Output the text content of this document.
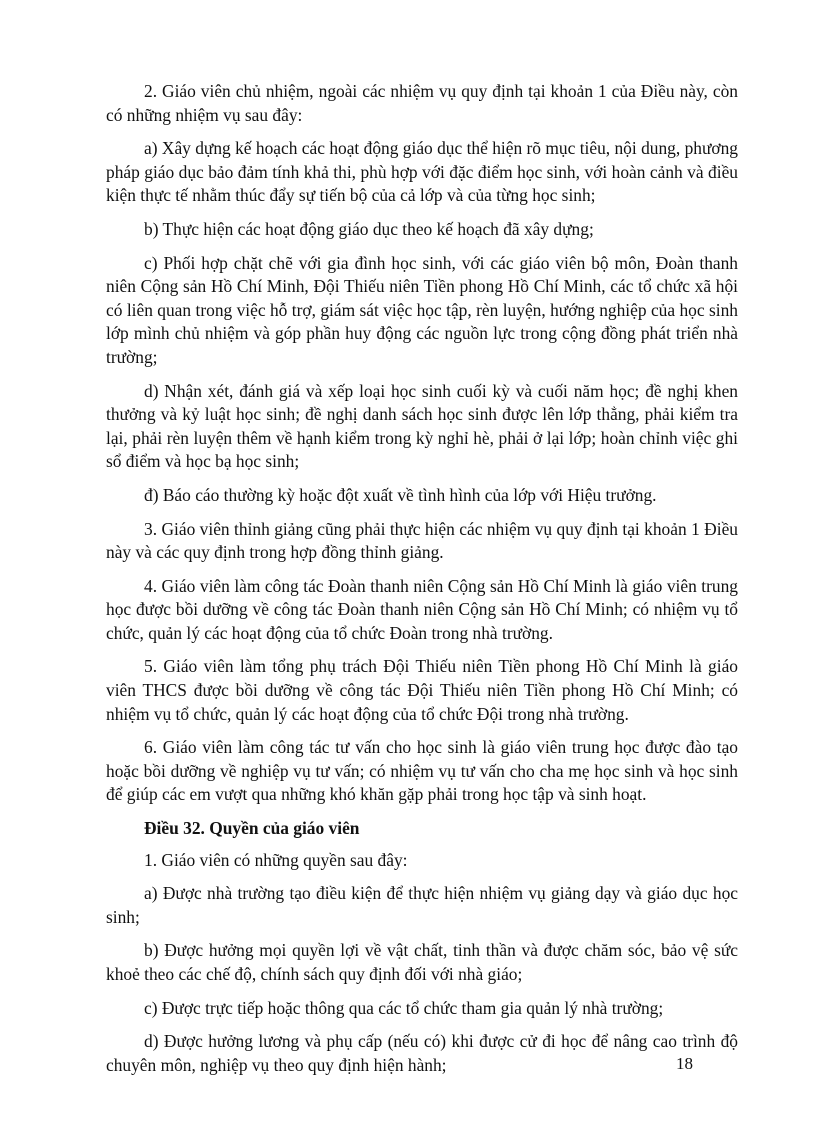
2. Giáo viên chủ nhiệm, ngoài các nhiệm vụ quy định tại khoản 1 của Điều này, còn có những nhiệm vụ sau đây:

a) Xây dựng kế hoạch các hoạt động giáo dục thể hiện rõ mục tiêu, nội dung, phương pháp giáo dục bảo đảm tính khả thi, phù hợp với đặc điểm học sinh, với hoàn cảnh và điều kiện thực tế nhằm thúc đẩy sự tiến bộ của cả lớp và của từng học sinh;

b) Thực hiện các hoạt động giáo dục theo kế hoạch đã xây dựng;

c) Phối hợp chặt chẽ với gia đình học sinh, với các giáo viên bộ môn, Đoàn thanh niên Cộng sản Hồ Chí Minh, Đội Thiếu niên Tiền phong Hồ Chí Minh, các tổ chức xã hội có liên quan trong việc hỗ trợ, giám sát việc học tập, rèn luyện, hướng nghiệp của học sinh lớp mình chủ nhiệm và góp phần huy động các nguồn lực trong cộng đồng phát triển nhà trường;

d) Nhận xét, đánh giá và xếp loại học sinh cuối kỳ và cuối năm học; đề nghị khen thưởng và kỷ luật học sinh; đề nghị danh sách học sinh được lên lớp thẳng, phải kiểm tra lại, phải rèn luyện thêm về hạnh kiểm trong kỳ nghỉ hè, phải ở lại lớp; hoàn chỉnh việc ghi sổ điểm và học bạ học sinh;

đ) Báo cáo thường kỳ hoặc đột xuất về tình hình của lớp với Hiệu trưởng.

3. Giáo viên thỉnh giảng cũng phải thực hiện các nhiệm vụ quy định tại khoản 1 Điều này và các quy định trong hợp đồng thỉnh giảng.

4. Giáo viên làm công tác Đoàn thanh niên Cộng sản Hồ Chí Minh là giáo viên trung học được bồi dưỡng về công tác Đoàn thanh niên Cộng sản Hồ Chí Minh; có nhiệm vụ tổ chức, quản lý các hoạt động của tổ chức Đoàn trong nhà trường.

5. Giáo viên làm tổng phụ trách Đội Thiếu niên Tiền phong Hồ Chí Minh là giáo viên THCS được bồi dưỡng về công tác Đội Thiếu niên Tiền phong Hồ Chí Minh; có nhiệm vụ tổ chức, quản lý các hoạt động của tổ chức Đội trong nhà trường.

6. Giáo viên làm công tác tư vấn cho học sinh là giáo viên trung học được đào tạo hoặc bồi dưỡng về nghiệp vụ tư vấn; có nhiệm vụ tư vấn cho cha mẹ học sinh và học sinh để giúp các em vượt qua những khó khăn gặp phải trong học tập và sinh hoạt.

Điều 32. Quyền của giáo viên

1. Giáo viên có những quyền sau đây:

a) Được nhà trường tạo điều kiện để thực hiện nhiệm vụ giảng dạy và giáo dục học sinh;

b) Được hưởng mọi quyền lợi về vật chất, tinh thần và được chăm sóc, bảo vệ sức khoẻ theo các chế độ, chính sách quy định đối với nhà giáo;

c) Được trực tiếp hoặc thông qua các tổ chức tham gia quản lý nhà trường;

d) Được hưởng lương và phụ cấp (nếu có) khi được cử đi học để nâng cao trình độ chuyên môn, nghiệp vụ theo quy định hiện hành;	18
